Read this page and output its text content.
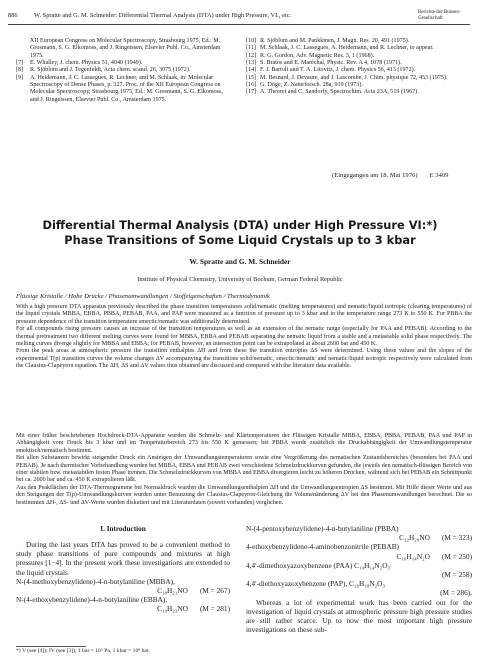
886	W. Spratte and G. M. Schneider: Differential Thermal Analysis (DTA) under High Pressure, VI., etc.	Berichte der Bunsen-Gesellschaft
XII European Congress on Molecular Spectroscopy, Strasbourg 1975, Ed.: M. Grosmann, S. G. Elkomoss, and J. Ringeissen, Elsevier Publ. Co., Amsterdam 1975.
[7] E. Whalley, J. chem. Physics 51, 4040 (1949).
[8] R. Sjöblom and J. Tegenfeldt, Acta chem. scand. 26, 3075 (1972).
[9] A. Heidemann, J. C. Lassegues, R. Lechner, and M. Schlaak, in: Molecular Spectroscopy of Dense Phases, p. 327. Proc. of the XII European Congress on Molecular Spectroscopy, Strasbourg 1975, Ed.: M. Grosmann, S. G. Elkomoss, and J. Ringeissen, Elsevier Publ. Co., Amsterdam 1975.
[10] R. Sjöblom and M. Pankkinen, J. Magn. Res. 20, 491 (1975).
[11] M. Schlaak, J. C. Lassegues, A. Heidemann, and R. Lechner, to appear.
[12] R. G. Gordon, Adv. Magnetic Res. 3, 1 (1968).
[13] S. Bratos and E. Maréchal, Physic. Rev. A 4, 1078 (1971).
[14] F. J. Bartoli and T. A. Litovitz, J. chem. Physics 56, 413 (1972).
[15] M. Besnard, J. Devaure, and J. Lascombe, J. Chim. physique 72, 453 (1975).
[16] G. Döge, Z. Naturforsch. 28a, 919 (1973).
[17] A. Theoret and C. Sandorfy, Spectrochim. Acta 23A, 519 (1967).
(Eingegangen am 18. Mai 1976) E 3409
Differential Thermal Analysis (DTA) under High Pressure VI:*)
Phase Transitions of Some Liquid Crystals up to 3 kbar
W. Spratte and G. M. Schneider
Institute of Physical Chemistry, University of Bochum, German Federal Republic
Flüssige Kristalle / Hohe Drücke / Phasenumwandlungen / Stoffeigenschaften / Thermodynamik

With a high pressure DTA apparatus previously described the phase transition temperatures solid/nematic (melting temperatures) and nematic/liquid isotropic (clearing temperatures) of the liquid crystals MBBA, EBBA, PBBA, PEBAB, PAA, and PAP were measured as a function of pressure up to 3 kbar and in the temperature range 273 K to 550 K. For PBBA the pressure dependence of the transition temperature smectic/nematic was additionally determined.

For all compounds rising pressure causes an increase of the transition temperatures as well as an extension of the nematic range (especially for PAA and PEBAB). According to the thermal pretreatment two different melting curves were found for MBBA, EBBA and PEBAB separating the nematic liquid from a stable and a metastable solid phase respectively. The melting curves diverge slightly for MBBA and EBBA; for PEBAB, however, an intersection point can be extrapolated at about 2600 bar and 450 K.

From the peak areas at atmospheric pressure the transition enthalpies ΔH and from these the transition entropies ΔS were determined. Using these values and the slopes of the experimental T(p) transition curves the volume changes ΔV accompanying the transitions solid/nematic, smectic/nematic and nematic/liquid isotropic respectively were calculated from the Clausius-Clapeyron equation. The ΔH, ΔS and ΔV values thus obtained are discussed and compared with the literature data available.

Mit einer früher beschriebenen Hochdruck-DTA-Apparatur wurden die Schmelz- und Klärtemperaturen der Flüssigen Kristalle MBBA, EBBA, PBBA, PEBAB, PAA und PAP in Abhängigkeit vom Druck bis 3 kbar und im Temperaturbereich 273 bis 550 K gemessen; bei PBBA wurde zusätzlich die Druckabhängigkeit der Umwandlungstemperatur smektisch/nematisch bestimmt.

Bei allen Substanzen bewirkt steigender Druck ein Ansteigen der Umwandlungstemperaturen sowie eine Vergrößerung des nematischen Zustandsbereiches (besonders bei PAA und PEBAB). Je nach thermischer Vorbehandlung wurden bei MBBA, EBBA und PEBAB zwei verschiedene Schmelzdruckkurven gefunden, die jeweils den nematisch-flüssigen Bereich von einer stabilen bzw. metastabilen festen Phase trennen. Die Schmelzdruckkurven von MBBA und EBBA divergieren leicht zu höheren Drücken, während sich bei PEBAB ein Schnittpunkt bei ca. 2600 bar und ca. 450 K extrapolieren läßt.

Aus den Peakflächen der DTA-Thermogramme bei Normaldruck wurden die Umwandlungsenthalpien ΔH und die Umwandlungsentropien ΔS bestimmt. Mit Hilfe dieser Werte und aus den Steigungen der T(p)-Umwandlungskurven wurden unter Benutzung der Clausius-Clapeyron-Gleichung die Volumenänderung ΔV bei den Phasenumwandlungen berechnet. Die so bestimmten ΔH-, ΔS- und ΔV-Werte wurden diskutiert und mit Literaturdaten (soweit vorhanden) verglichen.

I. Introduction

During the last years DTA has proved to be a convenient method to study phase transitions of pure compounds and mixtures at high pressures [1−4]. In the present work these investigations are extended to the liquid crystals

N-(4-methoxybenzylidene)-4-n-butylaniline (MBBA),
C₁₈H₂₁NO (M = 267)
N-(4-ethoxybenzylidene)-4-n-butylaniline (EBBA),
C₁₉H₂₃NO (M = 281)
N-(4-pentoxybenzylidene)-4-n-butylaniline (PBBA)
C₂₂H₂₉NO (M = 323)
4-ethoxybenzylidene-4-aminobenzonitrile (PEBAB)
C₁₆H₁₄N₂O (M = 250)
4,4′-dimethoxyazoxybenzene (PAA) C₁₄H₁₄N₂O₃
(M = 258)
4,4′-diethoxyazoxybenzene (PAP), C₁₆H₁₈N₂O₃
(M = 286).

Whereas a lot of experimental work has been carried out for the investigation of liquid crystals at atmospheric pressure high pressure studies are still rather scarce. Up to now the most important high pressure investigations on these sub-

*) V (see [4]); IV (see [3]); 1 bar = 10⁵ Pa, 1 kbar = 10⁸ bar.
